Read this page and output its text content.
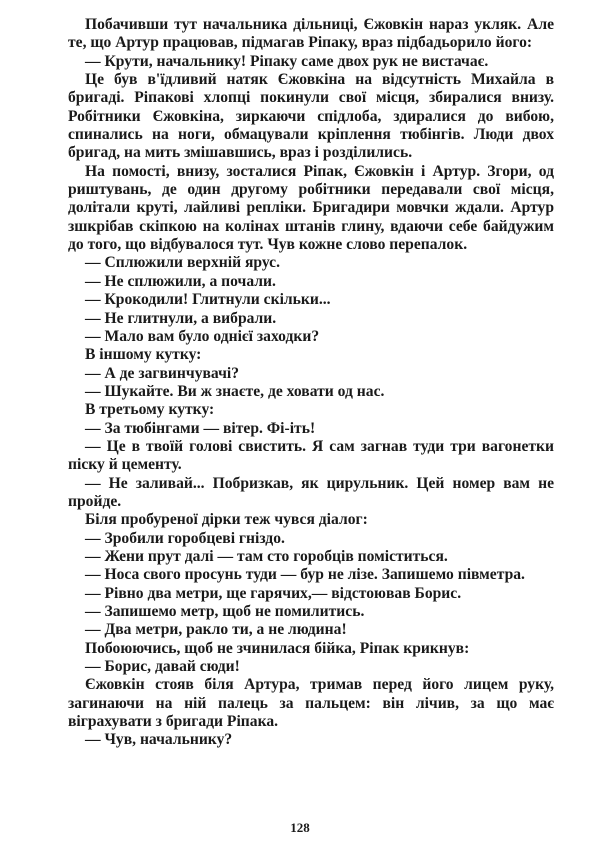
Побачивши тут начальника дільниці, Єжовкін нараз укляк. Але те, що Артур працював, підмагав Ріпаку, враз підбадьорило його:

— Крути, начальнику! Ріпаку саме двох рук не вистачає.

Це був в'їдливий натяк Єжовкіна на відсутність Михайла в бригаді. Ріпакові хлопці покинули свої місця, збиралися внизу. Робітники Єжовкіна, зиркаючи спідлоба, здиралися до вибою, спинались на ноги, обмацували кріплення тюбінгів. Люди двох бригад, на мить змішавшись, враз і розділились.

На помості, внизу, зосталися Ріпак, Єжовкін і Артур. Згори, од риштувань, де один другому робітники передавали свої місця, долітали круті, лайливі репліки. Бригадири мовчки ждали. Артур зшкрібав скіпкою на колінах штанів глину, вдаючи себе байдужим до того, що відбувалося тут. Чув кожне слово перепалок.

— Сплюжили верхній ярус.

— Не сплюжили, а почали.

— Крокодили! Глитнули скільки...

— Не глитнули, а вибрали.

— Мало вам було однієї заходки?

В іншому кутку:

— А де загвинчувачі?

— Шукайте. Ви ж знаєте, де ховати од нас.

В третьому кутку:

— За тюбінгами — вітер. Фі-іть!

— Це в твоїй голові свистить. Я сам загнав туди три вагонетки піску й цементу.

— Не заливай... Побризкав, як цирульник. Цей номер вам не пройде.

Біля пробуреної дірки теж чувся діалог:

— Зробили горобцеві гніздо.

— Жени прут далі — там сто горобців поміститься.

— Носа свого просунь туди — бур не лізе. Запишемо півметра.

— Рівно два метри, ще гарячих,— відстоював Борис.

— Запишемо метр, щоб не помилитись.

— Два метри, ракло ти, а не людина!

Побоюючись, щоб не зчинилася бійка, Ріпак крикнув:

— Борис, давай сюди!

Єжовкін стояв біля Артура, тримав перед його лицем руку, загинаючи на ній палець за пальцем: він лічив, за що має віграхувати з бригади Ріпака.

— Чув, начальнику?

128
